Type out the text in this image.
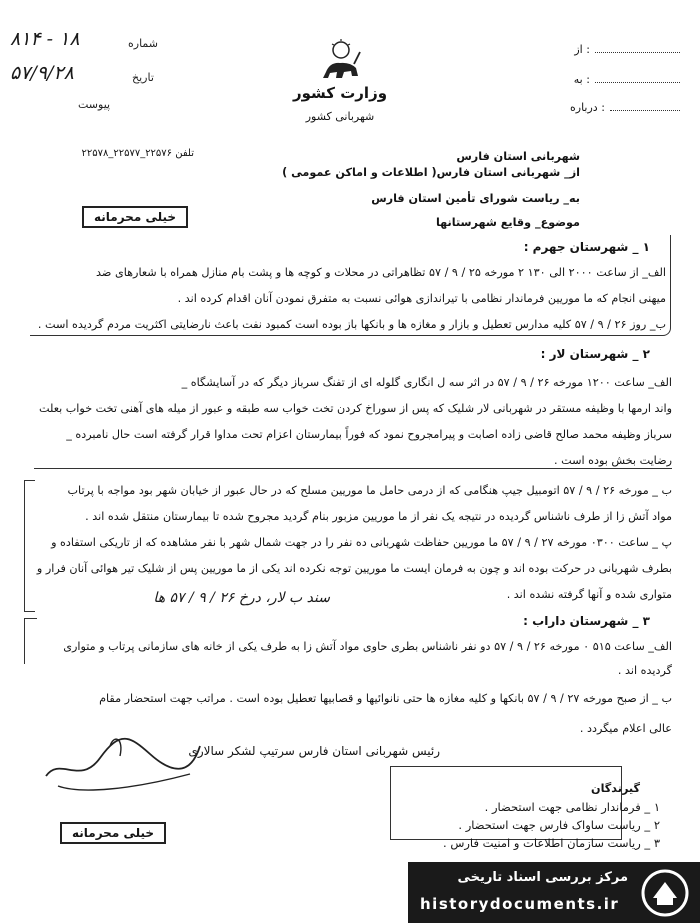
۸۱۴ - ۱۸	شماره
۵۷/۹/۲۸	تاریخ
پیوست
وزارت کشور
شهربانی کشور
: از
: به
: درباره
تلفن ۲۲۵۷۶_۲۲۵۷۷_۲۲۵۷۸	شهربانی استان فارس
از_ شهربانی استان فارس( اطلاعات و اماکن عمومی )
به_ ریاست شورای تأمین استان فارس
موضوع_ وقایع شهرستانها
خیلی محرمانه
۱ _ شهرستان جهرم :
الف_ از ساعت ۲۰۰۰ الی ۱۳۰ ۲ مورخه ۲۵ / ۹ / ۵۷ تظاهراتی در محلات و کوچه ها و پشت بام منازل همراه با شعارهای ضد
میهنی انجام که ما موریین فرماندار نظامی با تیراندازی هوائی نسبت به متفرق نمودن آنان اقدام کرده اند .
ب_ روز ۲۶ / ۹ / ۵۷ کلیه مدارس تعطیل و بازار و مغازه ها و بانکها باز بوده است کمبود نفت باعث نارضایتی اکثریت مردم گردیده است .
۲ _ شهرستان لار :
الف_ ساعت ۱۲۰۰ مورخه ۲۶ / ۹ / ۵۷ در اثر سه ل انگاری گلوله ای از تفنگ سرباز دیگر که در آسایشگاه _
واند ارمها با وظیفه مستقر در شهربانی لار شلیک که پس از سوراخ کردن تخت خواب سه طبقه و عبور از میله های آهنی تخت خواب بعلت
سرباز وظیفه محمد صالح قاضی زاده اصابت و پیرامجروح نمود که فوراً بیمارستان اعزام تحت مداوا قرار گرفته است حال نامبرده _
رضایت بخش بوده است .
ب _ مورخه ۲۶ / ۹ / ۵۷ اتومبیل جیپ هنگامی که از درمی حامل ما موریین مسلح که در حال عبور از خیابان شهر بود مواجه با پرتاب
مواد آتش زا از طرف ناشناس گردیده در نتیجه یک نفر از ما موریین مزبور بنام گردید مجروح شده تا بیمارستان منتقل شده اند .
پ _ ساعت ۰۳۰۰ مورخه ۲۷ / ۹ / ۵۷ ما موریین حفاظت شهربانی ده نفر را در جهت شمال شهر با نفر مشاهده که از تاریکی استفاده و
بطرف شهربانی در حرکت بوده اند و چون به فرمان ایست ما موریین توجه نکرده اند یکی از ما موریین پس از شلیک تیر هوائی آنان فرار و
متواری شده و آنها گرفته نشده اند .
سند ب لار، درخ ۲۶ / ۹ / ۵۷ ها
۳ _ شهرستان داراب :
الف_ ساعت ۵۱۵ ۰ مورخه ۲۶ / ۹ / ۵۷ دو نفر ناشناس بطری حاوی مواد آتش زا به طرف یکی از خانه های سازمانی پرتاب و متواری
گردیده اند .
ب _ از صبح مورخه ۲۷ / ۹ / ۵۷ بانکها و کلیه مغازه ها حتی نانوائیها و قصابیها تعطیل بوده است . مراتب جهت استحضار مقام
عالی اعلام میگردد .
رئیس شهربانی استان فارس سرتیپ لشکر سالاری
گیرندگان
۱ _ فرماندار نظامی جهت استحضار .
۲ _ ریاست ساواک فارس جهت استحضار .
۳ _ ریاست سازمان اطلاعات و امنیت فارس .
خیلی محرمانه
مرکز بررسی اسناد تاریخی
historydocuments.ir
